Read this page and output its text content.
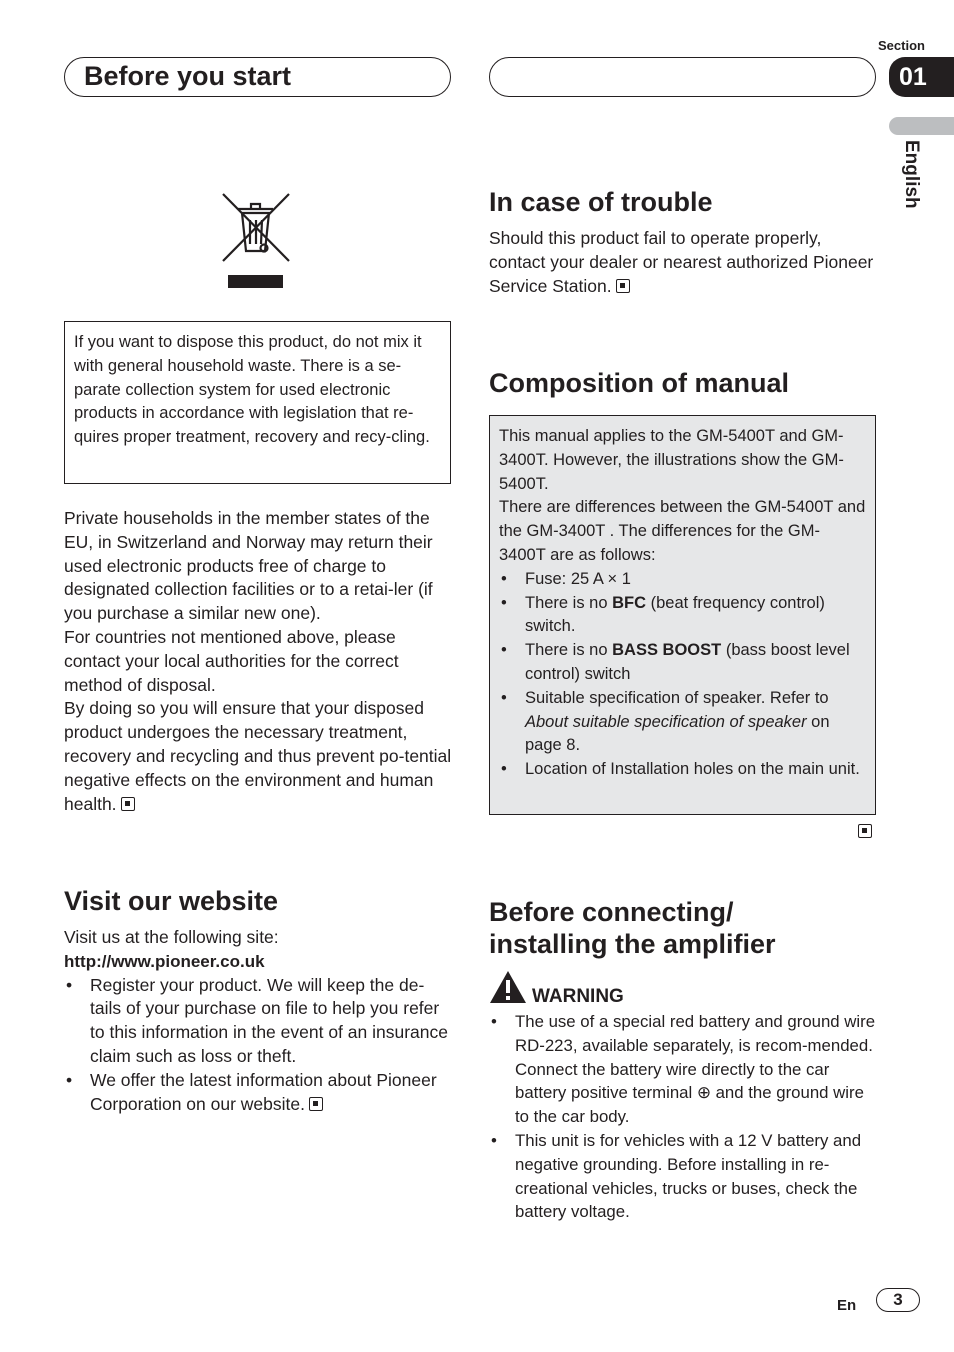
Before you start
Section
01
English
If you want to dispose this product, do not mix it with general household waste. There is a se-parate collection system for used electronic products in accordance with legislation that re-quires proper treatment, recovery and recy-cling.
Private households in the member states of the EU, in Switzerland and Norway may return their used electronic products free of charge to designated collection facilities or to a retai-ler (if you purchase a similar new one).
For countries not mentioned above, please contact your local authorities for the correct method of disposal.
By doing so you will ensure that your disposed product undergoes the necessary treatment, recovery and recycling and thus prevent po-tential negative effects on the environment and human health.
Visit our website
Visit us at the following site:
http://www.pioneer.co.uk
• Register your product. We will keep the de-tails of your purchase on file to help you refer to this information in the event of an insurance claim such as loss or theft.
• We offer the latest information about Pioneer Corporation on our website.
In case of trouble
Should this product fail to operate properly, contact your dealer or nearest authorized Pioneer Service Station.
Composition of manual
This manual applies to the GM-5400T and GM-3400T. However, the illustrations show the GM-5400T.
There are differences between the GM-5400T and the GM-3400T . The differences for the GM-3400T are as follows:
• Fuse: 25 A × 1
• There is no BFC (beat frequency control) switch.
• There is no BASS BOOST (bass boost level control) switch
• Suitable specification of speaker. Refer to About suitable specification of speaker on page 8.
• Location of Installation holes on the main unit.
Before connecting/
installing the amplifier
WARNING
• The use of a special red battery and ground wire RD-223, available separately, is recom-mended. Connect the battery wire directly to the car battery positive terminal ⊕ and the ground wire to the car body.
• This unit is for vehicles with a 12 V battery and negative grounding. Before installing in re-creational vehicles, trucks or buses, check the battery voltage.
En	3
